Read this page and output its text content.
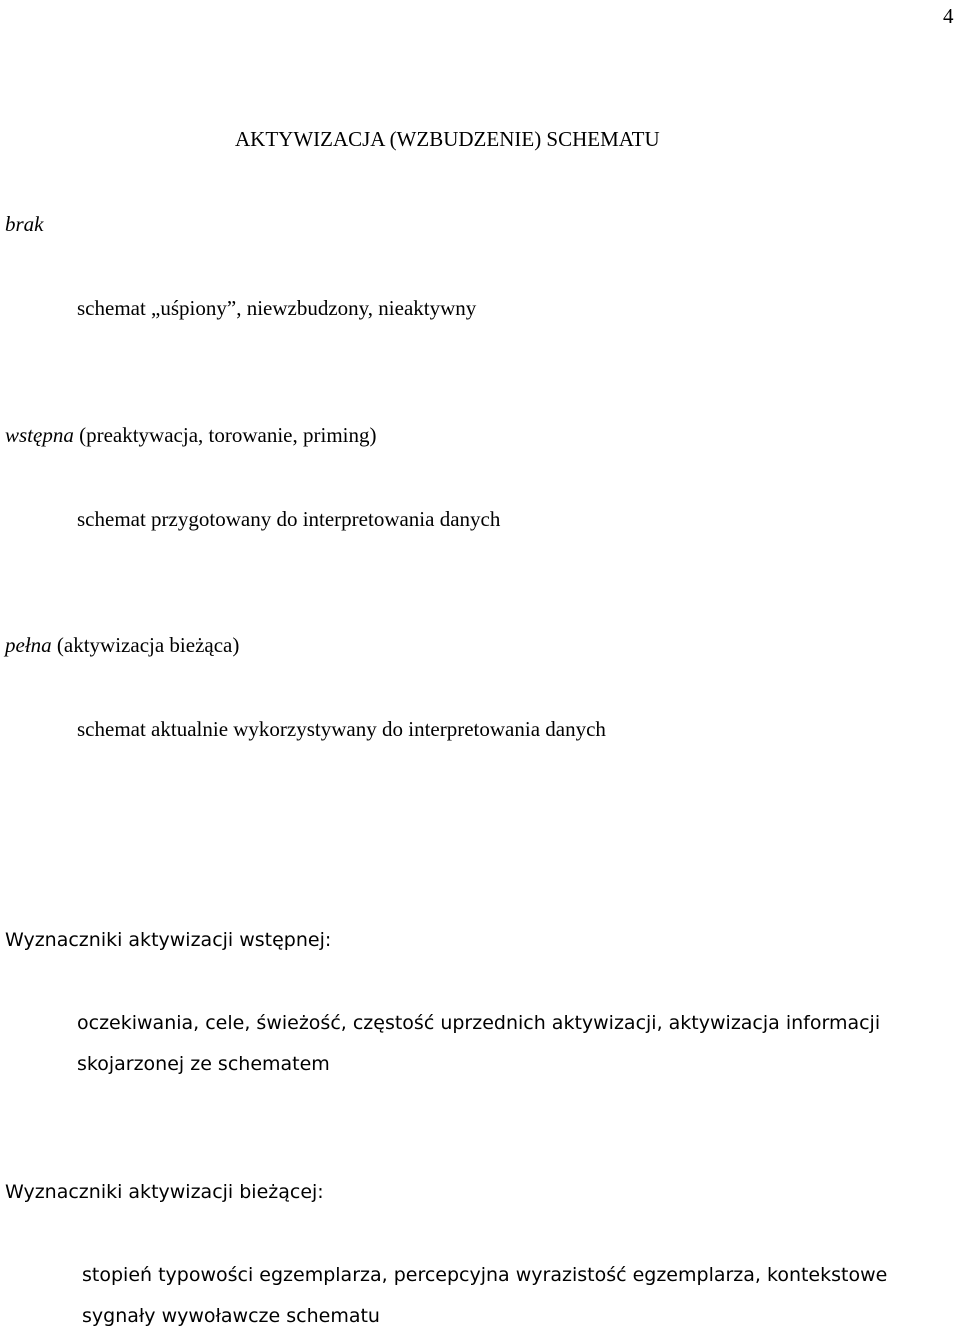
4
AKTYWIZACJA (WZBUDZENIE) SCHEMATU
brak
schemat „uśpiony”, niewzbudzony, nieaktywny
wstępna (preaktywacja, torowanie, priming)
schemat przygotowany do interpretowania danych
pełna (aktywizacja bieżąca)
schemat aktualnie wykorzystywany do interpretowania danych
Wyznaczniki aktywizacji wstępnej:
oczekiwania, cele, świeżość, częstość uprzednich aktywizacji, aktywizacja informacji
skojarzonej ze schematem
Wyznaczniki aktywizacji bieżącej:
stopień typowości egzemplarza, percepcyjna wyrazistość egzemplarza, kontekstowe
sygnały wywoławcze schematu
